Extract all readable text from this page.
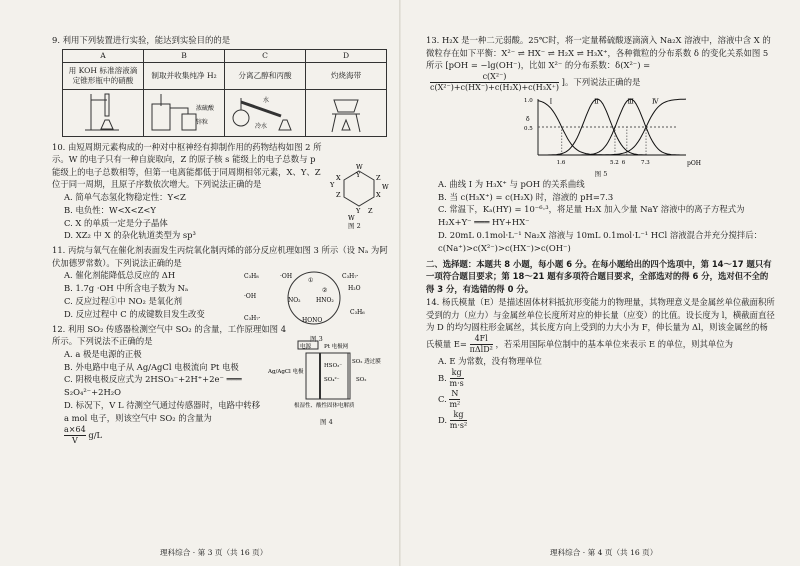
9. 利用下列装置进行实验，能达到实验目的的是
A	B	C	D
用 KOH 标准溶液滴定锥形瓶中的硝酸	制取并收集纯净 H₂	分离乙醇和丙酸	灼烧海带

浓硫酸
锌粒	水
冷水

10. 由短周期元素构成的一种对中枢神经有抑制作用的药物结构如图 2 所示。W 的电子只有一种自旋取向，Z 的原子核 s 能级上的电子总数与 p 能级上的电子总数相等，但第一电离能都低于同周期相邻元素，X、Y、Z 位于同一周期，且原子序数依次增大。下列说法正确的是
A. 简单气态氢化物稳定性：Y<Z
B. 电负性：W<X<Z<Y
C. X 的单质一定是分子晶体
D. XZ₂ 中 X 的杂化轨道类型为 sp³
W
Y Z
X
Y
Z
X
Y	W
Z
W
图 2
11. 丙烷与氧气在催化剂表面发生丙烷氧化制丙烯的部分反应机理如图 3 所示（设 Nₐ 为阿伏加德罗常数）。下列说法正确的是
A. 催化剂能降低总反应的 ΔH
B. 1.7g ·OH 中所含电子数为 Nₐ
C. 反应过程①中 NO₂ 是氧化剂
D. 反应过程中 C 的成键数目发生改变
C₃H₈	·OH
·OH
C₃H₇·
H₂O
NO₂	HNO₂
HONO
C₃H₆
C₃H₇·
①
②
图 3
12. 利用 SO₂ 传感器检测空气中 SO₂ 的含量，工作原理如图 4 所示。下列说法不正确的是
A. a 极是电源的正极
B. 外电路中电子从 Ag/AgCl 电极流向 Pt 电极
C. 阴极电极反应式为 2HSO₃⁻+2H⁺+2e⁻ ═══ S₂O₄²⁻+2H₂O
D. 标况下，V L 待测空气通过传感器时，电路中转移 a mol 电子，则该空气中 SO₂ 的含量为
$\frac{a\times 64}{V} g/L$
电源 Pt 电极网
Ag/AgCl 电极
SO₂ 透过膜
HSO₃⁻
SO₄²⁻	SO₂
根湿性、酸性固体电解质
图 4
理科综合 · 第 3 页（共 16 页）
13. H₂X 是一种二元弱酸。25℃时，将一定量稀硫酸逐滴滴入 Na₂X 溶液中，溶液中含 X 的微粒存在如下平衡：X²⁻ ⇌ HX⁻ ⇌ H₂X ⇌ H₃X⁺，各种微粒的分布系数 δ 的变化关系如图 5 所示 [pOH = −lg(OH⁻)，比如 X²⁻ 的分布系数：δ(X²⁻) =
$\frac{\text{c(X²⁻)}}{\text{c(X²⁻)+c(HX⁻)+c(H₂X)+c(H₃X⁺)}}$ ]。下列说法正确的是
pOH
δ
1.0
0.5
1.6	6
5.2	7.3
Ⅰ	Ⅱ	Ⅲ	Ⅳ
图 5
A. 曲线 Ⅰ 为 H₃X⁺ 与 pOH 的关系曲线
B. 当 c(H₃X⁺) = c(H₂X) 时，溶液的 pH=7.3
C. 常温下，Kₐ(HY) = 10⁻⁶·³，将足量 H₂X 加入少量 NaY 溶液中的离子方程式为 H₂X+Y⁻ ═══ HY+HX⁻
D. 20mL 0.1mol·L⁻¹ Na₂X 溶液与 10mL 0.1mol·L⁻¹ HCl 溶液混合并充分搅拌后：c(Na⁺)>c(X²⁻)>c(HX⁻)>c(OH⁻)
二、选择题：本题共 8 小题，每小题 6 分。在每小题给出的四个选项中，第 14～17 题只有一项符合题目要求；第 18～21 题有多项符合题目要求，全部选对的得 6 分，选对但不全的得 3 分，有选错的得 0 分。
14. 杨氏模量（E）是描述固体材料抵抗形变能力的物理量，其物理意义是金属丝单位截面积所受到的力（应力）与金属丝单位长度所对应的伸长量（应变）的比值。设长度为 l，横截面直径为 D 的均匀圆柱形金属丝，其长度方向上受到的力大小为 F，伸长量为 Δl，则该金属丝的杨氏模量 $E= \frac{4Fl}{\text{πΔlD²}}$ ，若采用国际单位制中的基本单位来表示 E 的单位，则其单位为
A. E 为常数，没有物理单位
B. $\frac{kg}{m\cdot s}$
C. $\frac{N}{\text{m²}}$
D. $\frac{kg}{\text{m·s²}}$
理科综合 · 第 4 页（共 16 页）
